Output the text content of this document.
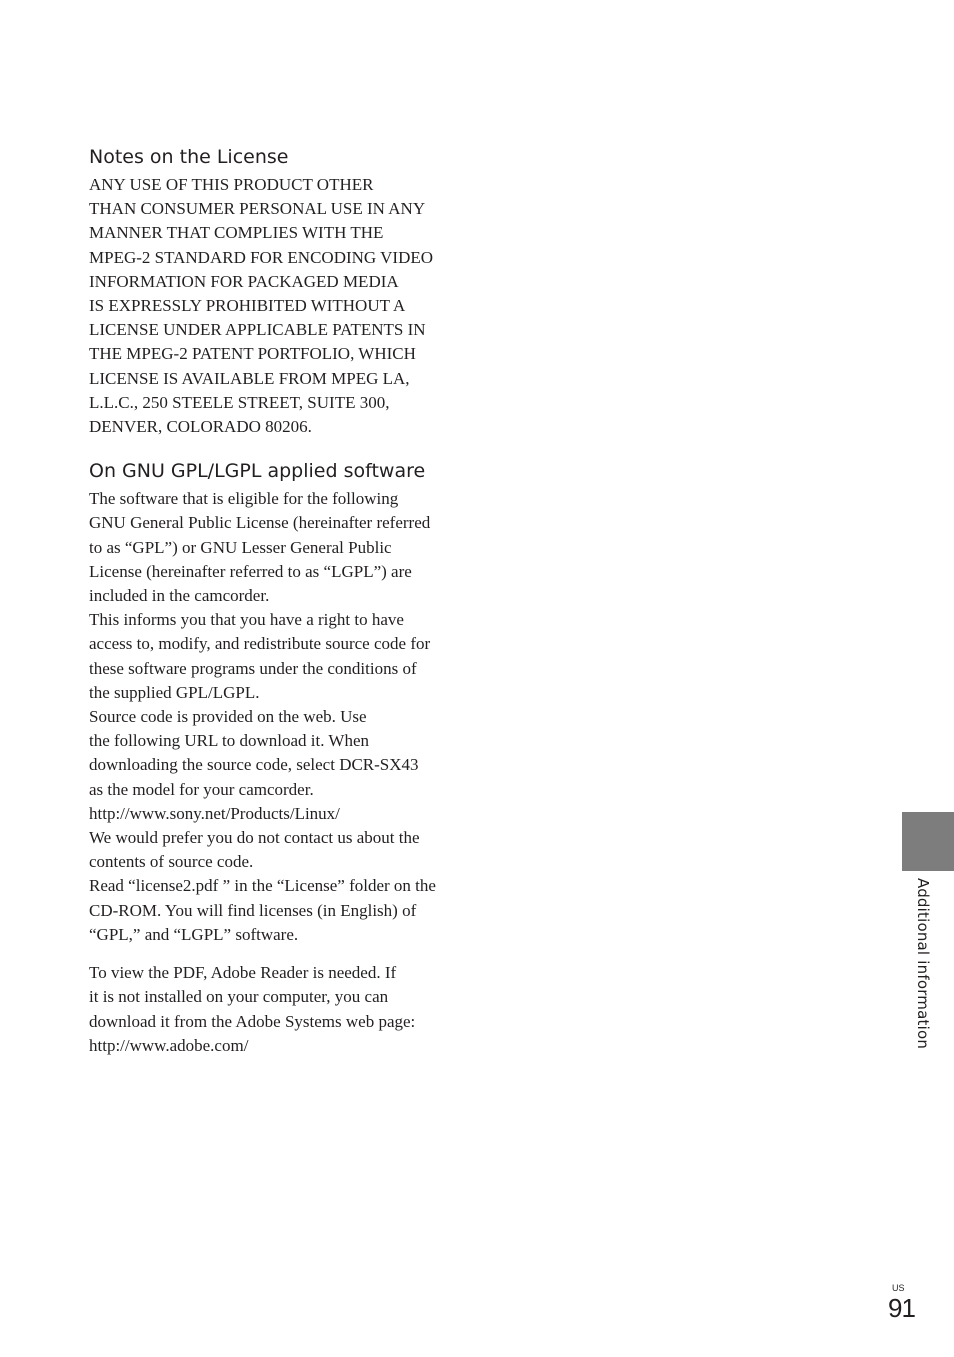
Notes on the License
ANY USE OF THIS PRODUCT OTHER
THAN CONSUMER PERSONAL USE IN ANY
MANNER THAT COMPLIES WITH THE
MPEG-2 STANDARD FOR ENCODING VIDEO
INFORMATION FOR PACKAGED MEDIA
IS EXPRESSLY PROHIBITED WITHOUT A
LICENSE UNDER APPLICABLE PATENTS IN
THE MPEG-2 PATENT PORTFOLIO, WHICH
LICENSE IS AVAILABLE FROM MPEG LA,
L.L.C., 250 STEELE STREET, SUITE 300,
DENVER, COLORADO 80206.
On GNU GPL/LGPL applied software
The software that is eligible for the following
GNU General Public License (hereinafter referred
to as “GPL”) or GNU Lesser General Public
License (hereinafter referred to as “LGPL”) are
included in the camcorder.
This informs you that you have a right to have
access to, modify, and redistribute source code for
these software programs under the conditions of
the supplied GPL/LGPL.
Source code is provided on the web. Use
the following URL to download it. When
downloading the source code, select DCR-SX43
as the model for your camcorder.
http://www.sony.net/Products/Linux/
We would prefer you do not contact us about the
contents of source code.
Read “license2.pdf ” in the “License” folder on the
CD-ROM. You will find licenses (in English) of
“GPL,” and “LGPL” software.
To view the PDF, Adobe Reader is needed. If
it is not installed on your computer, you can
download it from the Adobe Systems web page:
http://www.adobe.com/	Additional information
US
91
